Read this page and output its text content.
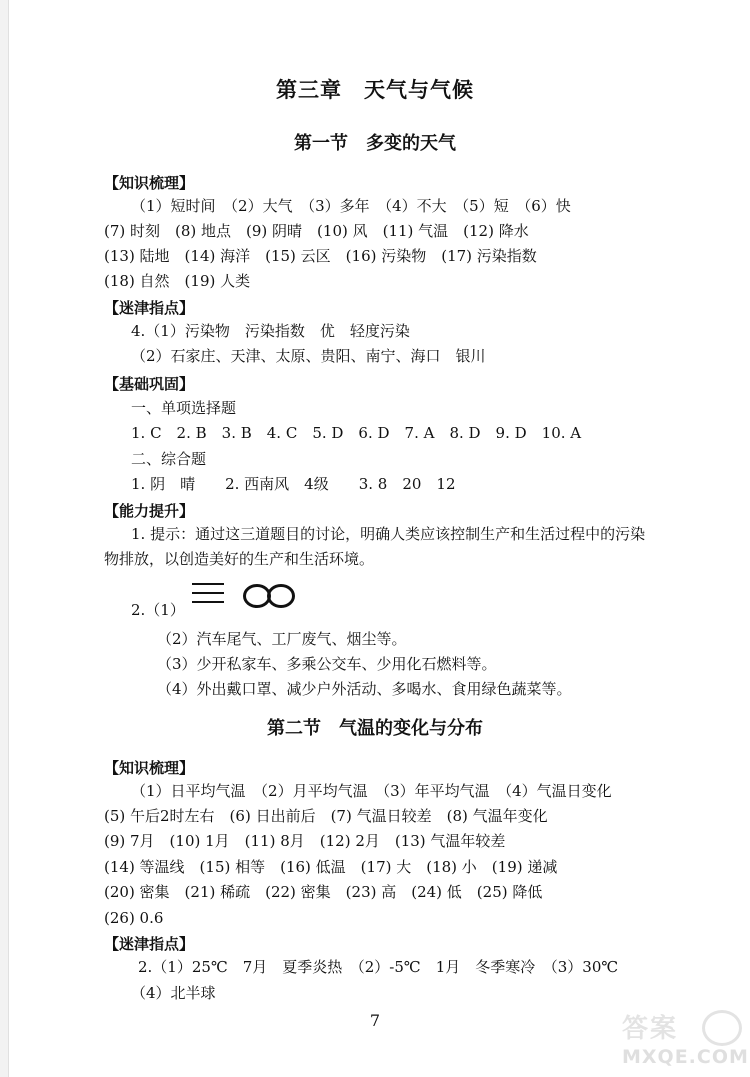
第三章　天气与气候
第一节　多变的天气
【知识梳理】
（1）短时间　（2）大气　（3）多年　（4）不大　（5）短　（6）快
(7) 时刻　(8) 地点　(9) 阴晴　(10) 风　(11) 气温　(12) 降水
(13) 陆地　(14) 海洋　(15) 云区　(16) 污染物　(17) 污染指数
(18) 自然　(19) 人类
【迷津指点】
4.（1）污染物　污染指数　优　轻度污染
（2）石家庄、天津、太原、贵阳、南宁、海口　银川
【基础巩固】
一、单项选择题
1. C　2. B　3. B　4. C　5. D　6. D　7. A　8. D　9. D　10. A
二、综合题
1. 阴　晴　　2. 西南风　4级　　3. 8　20　12
【能力提升】
1. 提示：通过这三道题目的讨论，明确人类应该控制生产和生活过程中的污染
物排放，以创造美好的生产和生活环境。
2.（1）
（2）汽车尾气、工厂废气、烟尘等。
（3）少开私家车、多乘公交车、少用化石燃料等。
（4）外出戴口罩、减少户外活动、多喝水、食用绿色蔬菜等。
第二节　气温的变化与分布
【知识梳理】
（1）日平均气温　（2）月平均气温　（3）年平均气温　（4）气温日变化
(5) 午后2时左右　(6) 日出前后　(7) 气温日较差　(8) 气温年变化
(9) 7月　(10) 1月　(11) 8月　(12) 2月　(13) 气温年较差
(14) 等温线　(15) 相等　(16) 低温　(17) 大　(18) 小　(19) 递减
(20) 密集　(21) 稀疏　(22) 密集　(23) 高　(24) 低　(25) 降低
(26) 0.6
【迷津指点】
2.（1）25℃　7月　夏季炎热　（2）-5℃　1月　冬季寒冷　（3）30℃
（4）北半球
7	答案
MXQE.COM
